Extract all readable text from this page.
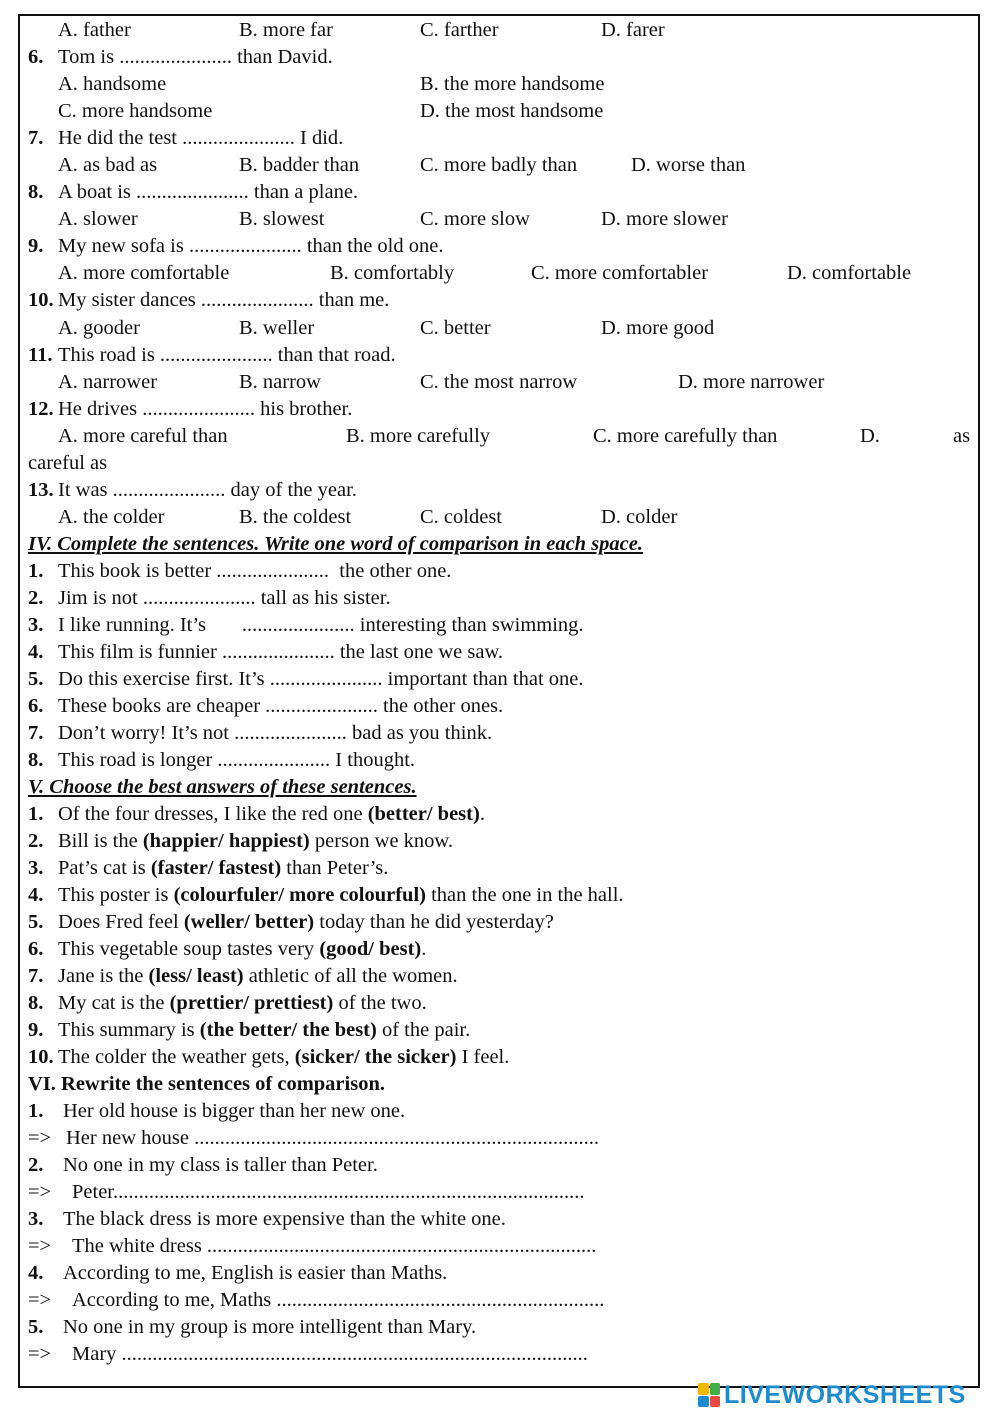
A. father	B. more far	C. farther	D. farer
6. Tom is ...................... than David.
A. handsome	B. the more handsome
C. more handsome	D. the most handsome
7. He did the test ...................... I did.
A. as bad as	B. badder than	C. more badly than	D. worse than
8. A boat is ...................... than a plane.
A. slower	B. slowest	C. more slow	D. more slower
9. My new sofa is ...................... than the old one.
A. more comfortable	B. comfortably	C. more comfortabler	D. comfortable
10. My sister dances ...................... than me.
A. gooder	B. weller	C. better	D. more good
11. This road is ...................... than that road.
A. narrower	B. narrow	C. the most narrow	D. more narrower
12. He drives ...................... his brother.
A. more careful than	B. more carefully	C. more carefully than	D.	as
careful as
13. It was ...................... day of the year.
A. the colder	B. the coldest	C. coldest	D. colder
IV. Complete the sentences. Write one word of comparison in each space.
1. This book is better ......................  the other one.
2. Jim is not ...................... tall as his sister.
3. I like running. It’s       ...................... interesting than swimming.
4. This film is funnier ...................... the last one we saw.
5. Do this exercise first. It’s ...................... important than that one.
6. These books are cheaper ...................... the other ones.
7. Don’t worry! It’s not ...................... bad as you think.
8. This road is longer ...................... I thought.
V. Choose the best answers of these sentences.
1. Of the four dresses, I like the red one (better/ best).
2. Bill is the (happier/ happiest) person we know.
3. Pat’s cat is (faster/ fastest) than Peter’s.
4. This poster is (colourfuler/ more colourful) than the one in the hall.
5. Does Fred feel (weller/ better) today than he did yesterday?
6. This vegetable soup tastes very (good/ best).
7. Jane is the (less/ least) athletic of all the women.
8. My cat is the (prettier/ prettiest) of the two.
9. This summary is (the better/ the best) of the pair.
10. The colder the weather gets, (sicker/ the sicker) I feel.
VI. Rewrite the sentences of comparison.
1. Her old house is bigger than her new one.
=> Her new house ...............................................................................
2. No one in my class is taller than Peter.
=> Peter............................................................................................
3. The black dress is more expensive than the white one.
=> The white dress ............................................................................
4. According to me, English is easier than Maths.
=> According to me, Maths ................................................................
5. No one in my group is more intelligent than Mary.
=> Mary ...........................................................................................
LIVEWORKSHEETS
